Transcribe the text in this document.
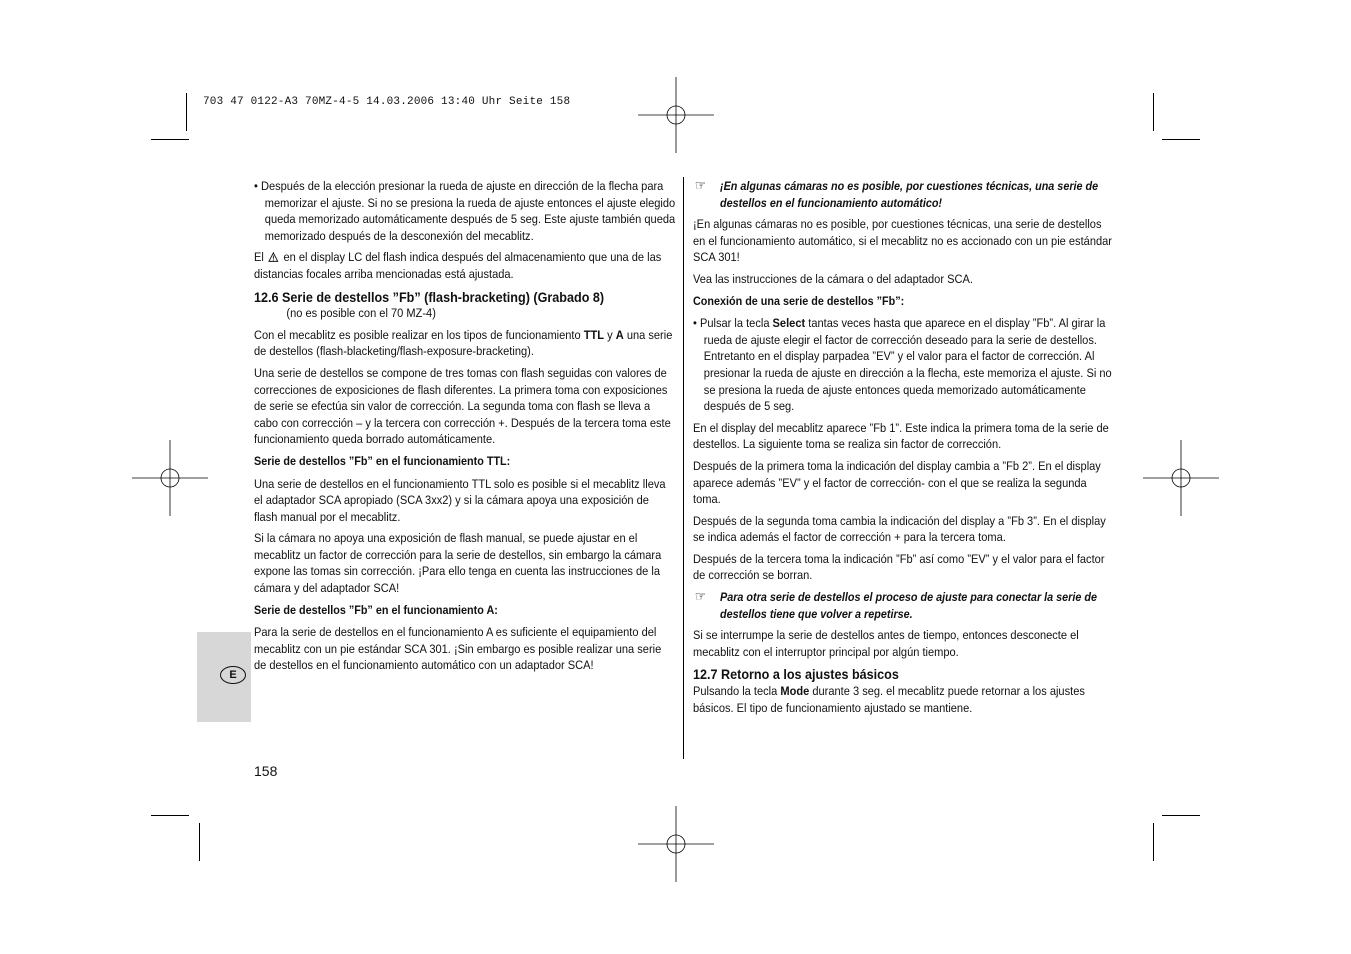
703 47 0122-A3 70MZ-4-5 14.03.2006 13:40 Uhr Seite 158
E

• Después de la elección presionar la rueda de ajuste en dirección de la flecha para memorizar el ajuste. Si no se presiona la rueda de ajuste entonces el ajuste elegido queda memorizado automáticamente después de 5 seg. Este ajuste también queda memorizado después de la desconexión del mecablitz.

El en el display LC del flash indica después del almacenamiento que una de las distancias focales arriba mencionadas está ajustada.

12.6 Serie de destellos ”Fb” (flash-bracketing) (Grabado 8)

(no es posible con el 70 MZ-4)

Con el mecablitz es posible realizar en los tipos de funcionamiento TTL y A una serie de destellos (flash-blacketing/flash-exposure-bracketing).

Una serie de destellos se compone de tres tomas con flash seguidas con valores de correcciones de exposiciones de flash diferentes. La primera toma con exposiciones de serie se efectúa sin valor de corrección. La segunda toma con flash se lleva a cabo con corrección – y la tercera con corrección +. Después de la tercera toma este funcionamiento queda borrado automáticamente.

Serie de destellos ”Fb” en el funcionamiento TTL:

Una serie de destellos en el funcionamiento TTL solo es posible si el mecablitz lleva el adaptador SCA apropiado (SCA 3xx2) y si la cámara apoya una exposición de flash manual por el mecablitz.

Si la cámara no apoya una exposición de flash manual, se puede ajustar en el mecablitz un factor de corrección para la serie de destellos, sin embargo la cámara expone las tomas sin corrección. ¡Para ello tenga en cuenta las instrucciones de la cámara y del adaptador SCA!

Serie de destellos ”Fb” en el funcionamiento A:

Para la serie de destellos en el funcionamiento A es suficiente el equipamiento del mecablitz con un pie estándar SCA 301. ¡Sin embargo es posible realizar una serie de destellos en el funcionamiento automático con un adaptador SCA!

☞ ¡En algunas cámaras no es posible, por cuestiones técnicas, una serie de destellos en el funcionamiento automático!

¡En algunas cámaras no es posible, por cuestiones técnicas, una serie de destellos en el funcionamiento automático, si el mecablitz no es accionado con un pie estándar SCA 301!

Vea las instrucciones de la cámara o del adaptador SCA.

Conexión de una serie de destellos ”Fb”:

• Pulsar la tecla Select tantas veces hasta que aparece en el display ”Fb”. Al girar la rueda de ajuste elegir el factor de corrección deseado para la serie de destellos. Entretanto en el display parpadea ”EV” y el valor para el factor de corrección. Al presionar la rueda de ajuste en dirección a la flecha, este memoriza el ajuste. Si no se presiona la rueda de ajuste entonces queda memorizado automáticamente después de 5 seg.

En el display del mecablitz aparece ”Fb 1”. Este indica la primera toma de la serie de destellos. La siguiente toma se realiza sin factor de corrección.

Después de la primera toma la indicación del display cambia a ”Fb 2”. En el display aparece además ”EV” y el factor de corrección- con el que se realiza la segunda toma.

Después de la segunda toma cambia la indicación del display a ”Fb 3”. En el display se indica además el factor de corrección + para la tercera toma.

Después de la tercera toma la indicación ”Fb” así como ”EV” y el valor para el factor de corrección se borran.

☞ Para otra serie de destellos el proceso de ajuste para conectar la serie de destellos tiene que volver a repetirse.

Si se interrumpe la serie de destellos antes de tiempo, entonces desconecte el mecablitz con el interruptor principal por algún tiempo.

12.7 Retorno a los ajustes básicos

Pulsando la tecla Mode durante 3 seg. el mecablitz puede retornar a los ajustes básicos. El tipo de funcionamiento ajustado se mantiene.

158
